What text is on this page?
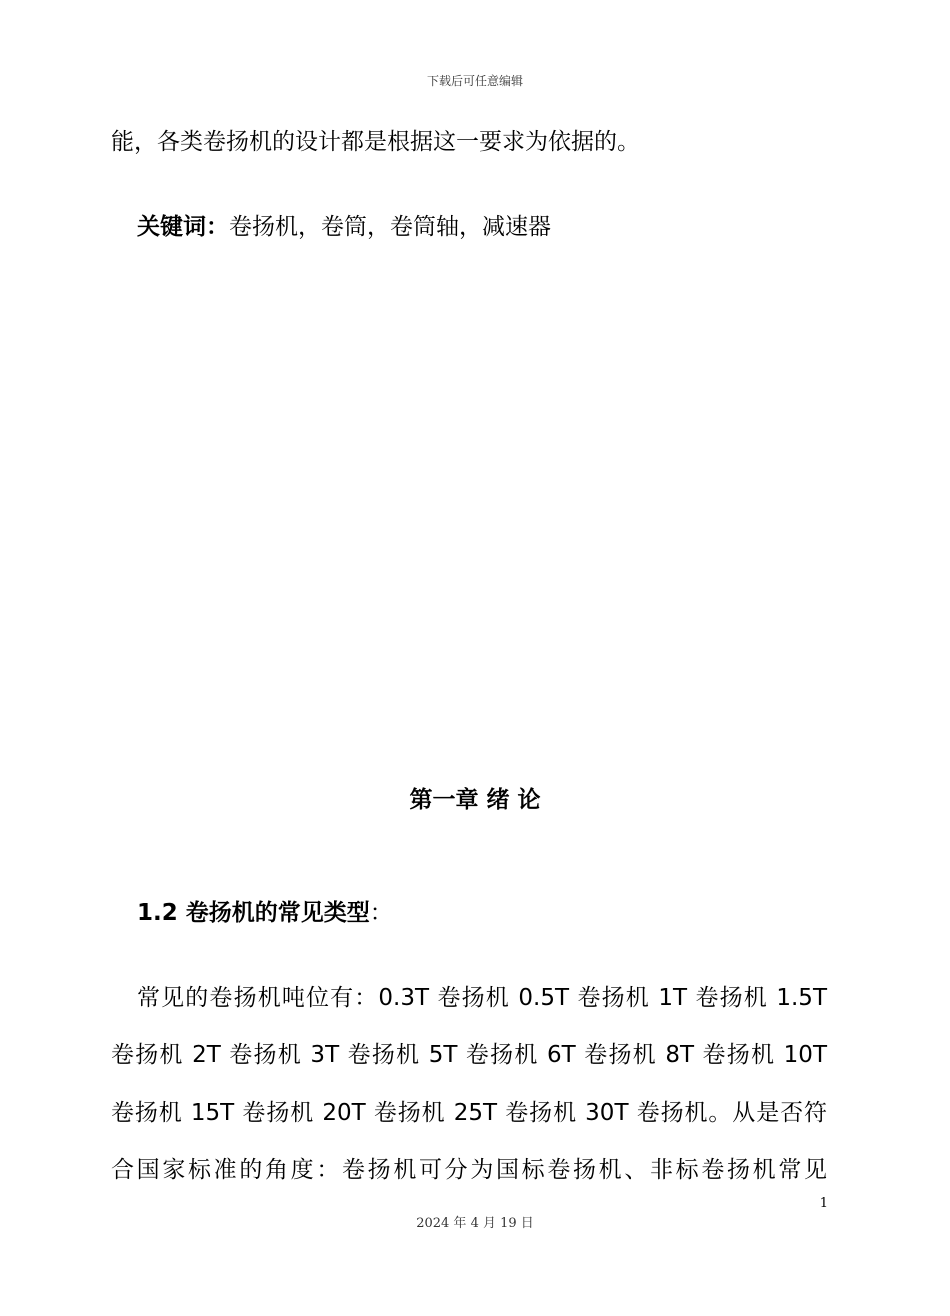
下载后可任意编辑
能，各类卷扬机的设计都是根据这一要求为依据的。
关键词：卷扬机，卷筒，卷筒轴，减速器
第一章 绪 论
1.2 卷扬机的常见类型：
常见的卷扬机吨位有：0.3T 卷扬机 0.5T 卷扬机 1T 卷扬机 1.5T
卷扬机 2T 卷扬机 3T 卷扬机 5T 卷扬机 6T 卷扬机 8T 卷扬机 10T
卷扬机 15T 卷扬机 20T 卷扬机 25T 卷扬机 30T 卷扬机。从是否符
合国家标准的角度：卷扬机可分为国标卷扬机、非标卷扬机常见
1
2024 年 4 月 19 日
